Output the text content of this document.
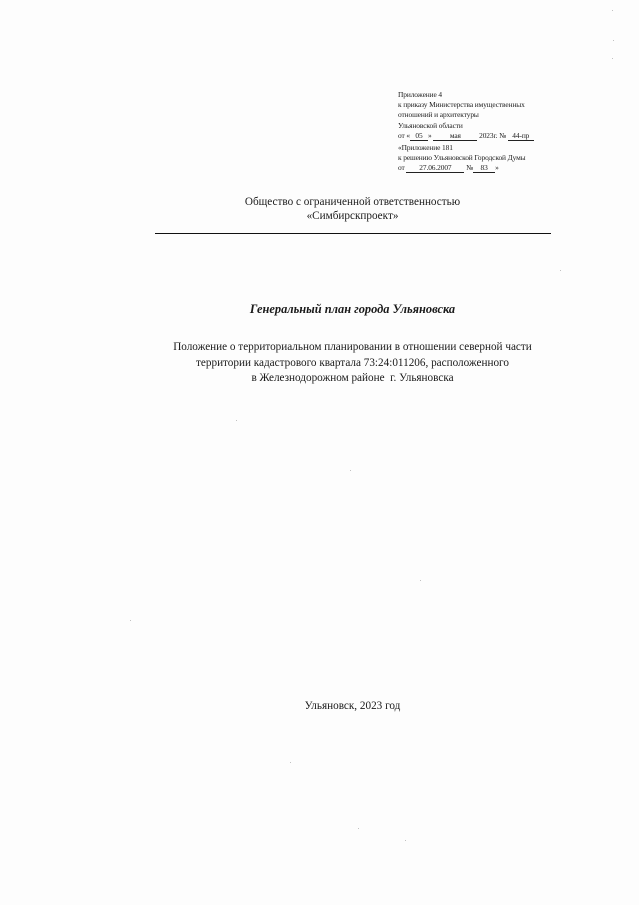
Приложение 4
к приказу Министерства имущественных
отношений и архитектуры
Ульяновской области
от « 05 » мая 2023г. № 44-пр
«Приложение 181
к решению Ульяновской Городской Думы
от 27.06.2007 № 83 »
Общество с ограниченной ответственностью
«Симбирскпроект»
Генеральный план города Ульяновска
Положение о территориальном планировании в отношении северной части
территории кадастрового квартала 73:24:011206, расположенного
в Железнодорожном районе  г. Ульяновска
Ульяновск, 2023 год
